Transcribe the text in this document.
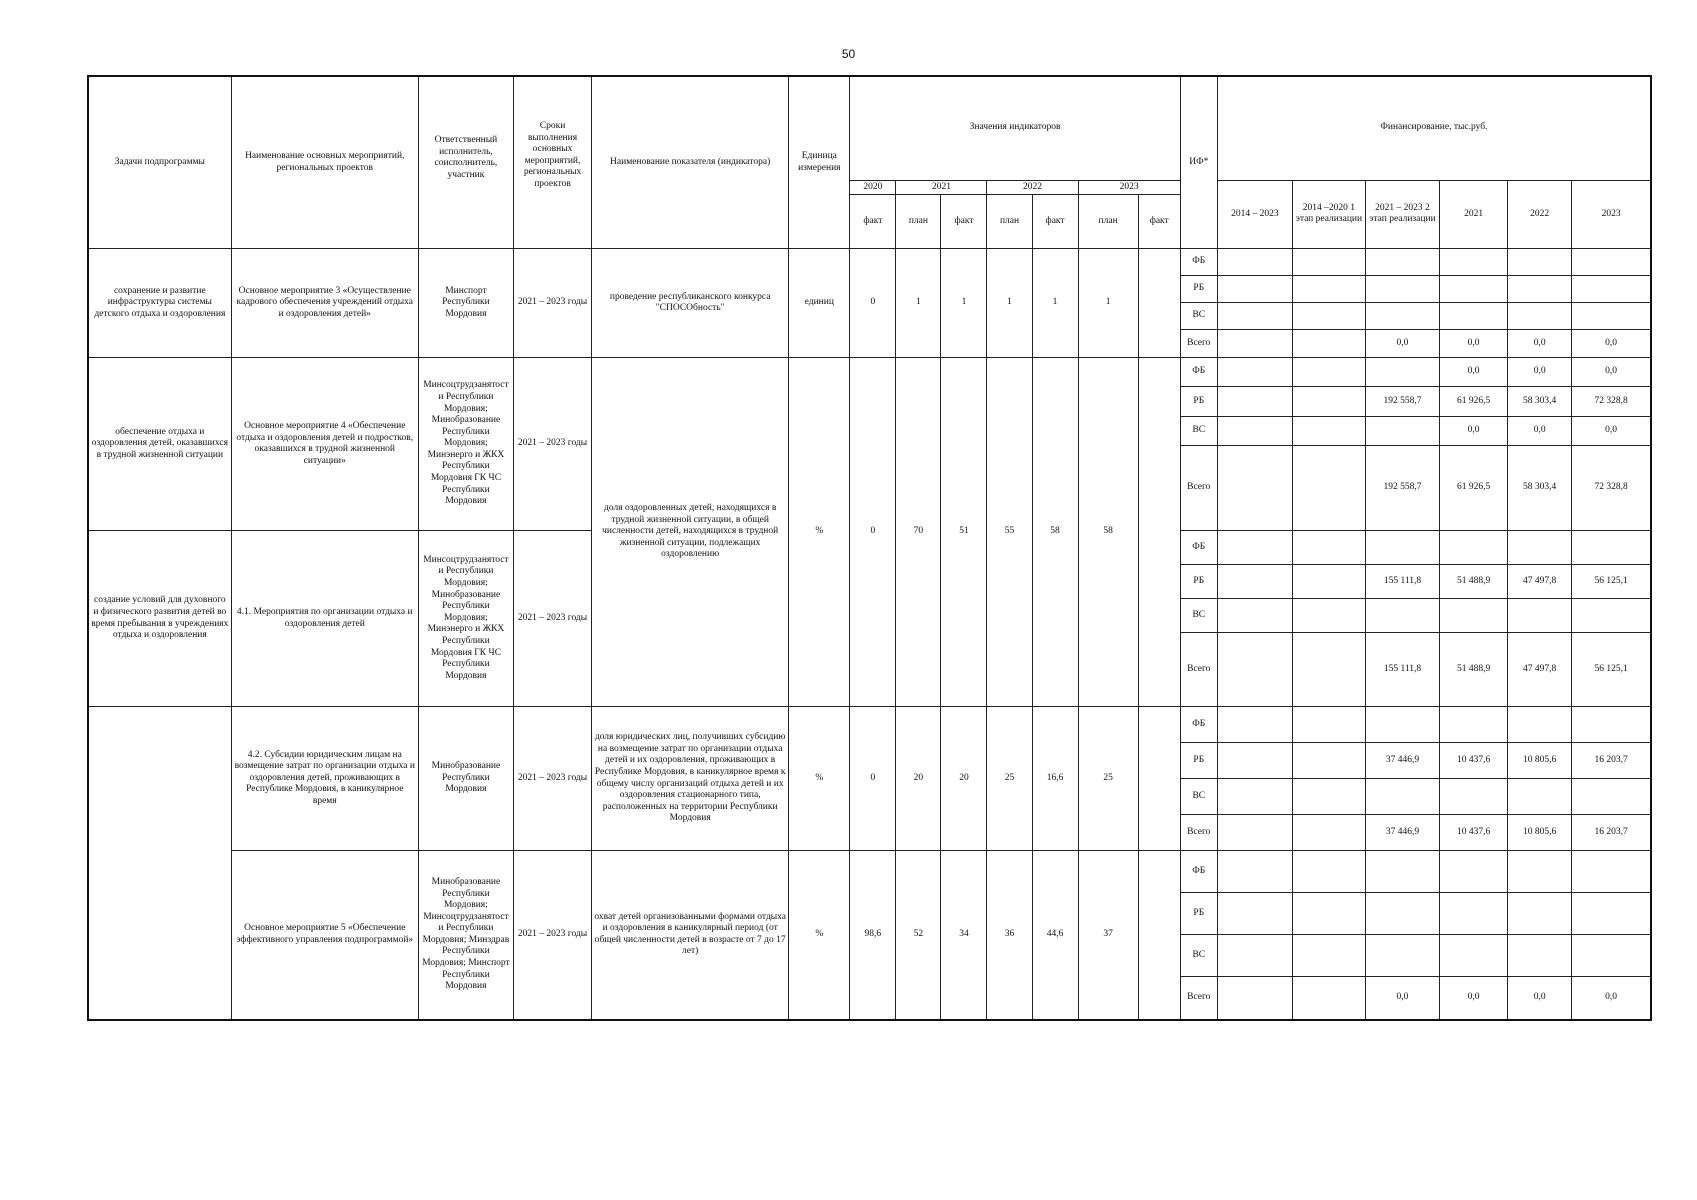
50
Задачи подпрограммы	Наименование основных мероприятий, региональных проектов	Ответственный исполнитель, соисполнитель, участник	Сроки выполнения основных мероприятий, региональных проектов	Наименование показателя (индикатора)	Единица измерения	Значения индикаторов							ИФ*	Финансирование, тыс.руб.					
						2020	2021		2022		2023			2014 – 2023	2014 –2020 1 этап реализации	2021 – 2023 2 этап реализации	2021	2022	2023
						факт	план	факт	план	факт	план	факт							
сохранение и развитие инфраструктуры системы детского отдыха и оздоровления	Основное мероприятие 3 «Осуществление кадрового обеспечения учреждений отдыха и оздоровления детей»	Минспорт Республики Мордовия	2021 – 2023 годы	проведение республиканского конкурса "СПОСОбность"	единиц	0	1	1	1	1	1		ФБ						
													РБ						
													ВС						
													Всего			0,0	0,0	0,0	0,0
обеспечение отдыха и оздоровления детей, оказавшихся в трудной жизненной ситуации	Основное мероприятие 4 «Обеспечение отдыха и оздоровления детей и подростков, оказавшихся в трудной жизненной ситуации»	Минсоцтрудзанятости Республики Мордовия; Минобразование Республики Мордовия; Минэнерго и ЖКХ Республики Мордовия ГК ЧС Республики Мордовия	2021 – 2023 годы	доля оздоровленных детей, находящихся в трудной жизненной ситуации, в общей численности детей, находящихся в трудной жизненной ситуации, подлежащих оздоровлению	%	0	70	51	55	58	58		ФБ				0,0	0,0	0,0
													РБ			192 558,7	61 926,5	58 303,4	72 328,8
													ВС				0,0	0,0	0,0
													Всего			192 558,7	61 926,5	58 303,4	72 328,8
создание условий для духовного и физического развития детей во время пребывания в учреждениях отдыха и оздоровления	4.1. Мероприятия по организации отдыха и оздоровления детей	Минсоцтрудзанятости Республики Мордовия; Минобразование Республики Мордовия; Минэнерго и ЖКХ Республики Мордовия ГК ЧС Республики Мордовия	2021 – 2023 годы										ФБ						
													РБ			155 111,8	51 488,9	47 497,8	56 125,1
													ВС						
													Всего			155 111,8	51 488,9	47 497,8	56 125,1
	4.2. Субсидии юридическим лицам на возмещение затрат по организации отдыха и оздоровления детей, проживающих в Республике Мордовия, в каникулярное время	Минобразование Республики Мордовия	2021 – 2023 годы	доля юридических лиц, получивших субсидию на возмещение затрат по организации отдыха детей и их оздоровления, проживающих в Республике Мордовия, в каникулярное время к общему числу организаций отдыха детей и их оздоровления стационарного типа, расположенных на территории Республики Мордовия	%	0	20	20	25	16,6	25		ФБ						
													РБ			37 446,9	10 437,6	10 805,6	16 203,7
													ВС						
													Всего			37 446,9	10 437,6	10 805,6	16 203,7
	Основное мероприятие 5 «Обеспечение эффективного управления подпрограммой»	Минобразование Республики Мордовия; Минсоцтрудзанятости Республики Мордовия; Минздрав Республики Мордовия; Минспорт Республики Мордовия	2021 – 2023 годы	охват детей организованными формами отдыха и оздоровления в каникулярный период (от общей численности детей в возрасте от 7 до 17 лет)	%	98,6	52	34	36	44,6	37		ФБ						
													РБ						
													ВС						
													Всего			0,0	0,0	0,0	0,0
